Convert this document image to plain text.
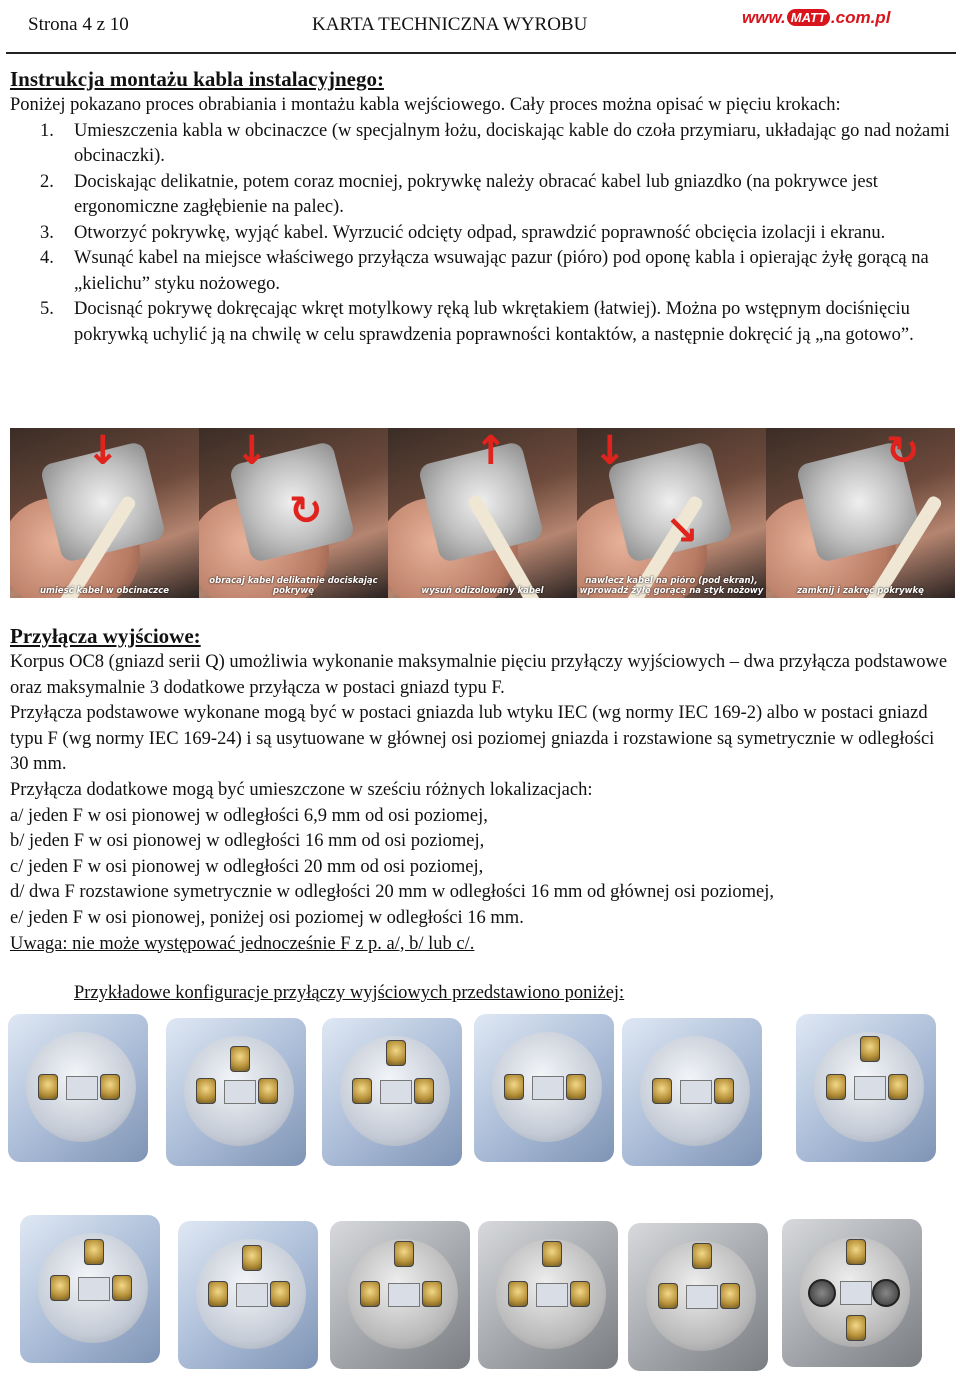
Strona 4 z 10	KARTA TECHNICZNA WYROBU	www. MATT .com.pl
Instrukcja montażu kabla instalacyjnego:
Poniżej pokazano proces obrabiania i montażu kabla wejściowego. Cały proces można opisać w pięciu krokach:
1. Umieszczenia kabla w obcinaczce (w specjalnym łożu, dociskając kable do czoła przymiaru, układając go nad nożami obcinaczki).
2. Dociskając delikatnie, potem coraz mocniej, pokrywkę należy obracać kabel lub gniazdko (na pokrywce jest ergonomiczne zagłębienie na palec).
3. Otworzyć pokrywkę, wyjąć kabel. Wyrzucić odcięty odpad, sprawdzić poprawność obcięcia izolacji i ekranu.
4. Wsunąć kabel na miejsce właściwego przyłącza wsuwając pazur (pióro) pod oponę kabla i opierając żyłę gorącą na „kielichu” styku nożowego.
5. Docisnąć pokrywę dokręcając wkręt motylkowy ręką lub wkrętakiem (łatwiej). Można po wstępnym dociśnięciu pokrywką uchylić ją na chwilę w celu sprawdzenia poprawności kontaktów, a następnie dokręcić ją „na gotowo”.
↓
umieść kabel w obcinaczce
↓
↻
obracaj kabel delikatnie dociskając pokrywę
↑
wysuń odizolowany kabel
↓
↘
nawlecz kabel na pióro (pod ekran), wprowadź żyłę gorącą na styk nożowy
↻
zamknij i zakręć pokrywkę
Przyłącza wyjściowe:

Korpus OC8 (gniazd serii Q) umożliwia wykonanie maksymalnie pięciu przyłączy wyjściowych – dwa przyłącza podstawowe oraz maksymalnie 3 dodatkowe przyłącza w postaci gniazd typu F.

Przyłącza podstawowe wykonane mogą być w postaci gniazda lub wtyku IEC (wg normy IEC 169-2) albo w postaci gniazd typu F (wg normy IEC 169-24) i są usytuowane w głównej osi poziomej gniazda i rozstawione są symetrycznie w odległości 30 mm.

Przyłącza dodatkowe mogą być umieszczone w sześciu różnych lokalizacjach:

a/ jeden F w osi pionowej w odległości 6,9 mm od osi poziomej,

b/ jeden F w osi pionowej w odległości 16 mm od osi poziomej,

c/ jeden F w osi pionowej w odległości 20 mm od osi poziomej,

d/ dwa F rozstawione symetrycznie w odległości 20 mm w odległości 16 mm od głównej osi poziomej,

e/ jeden F w osi pionowej, poniżej osi poziomej w odległości 16 mm.

Uwaga: nie może występować jednocześnie F z p. a/, b/ lub c/.

Przykładowe konfiguracje przyłączy wyjściowych przedstawiono poniżej:
